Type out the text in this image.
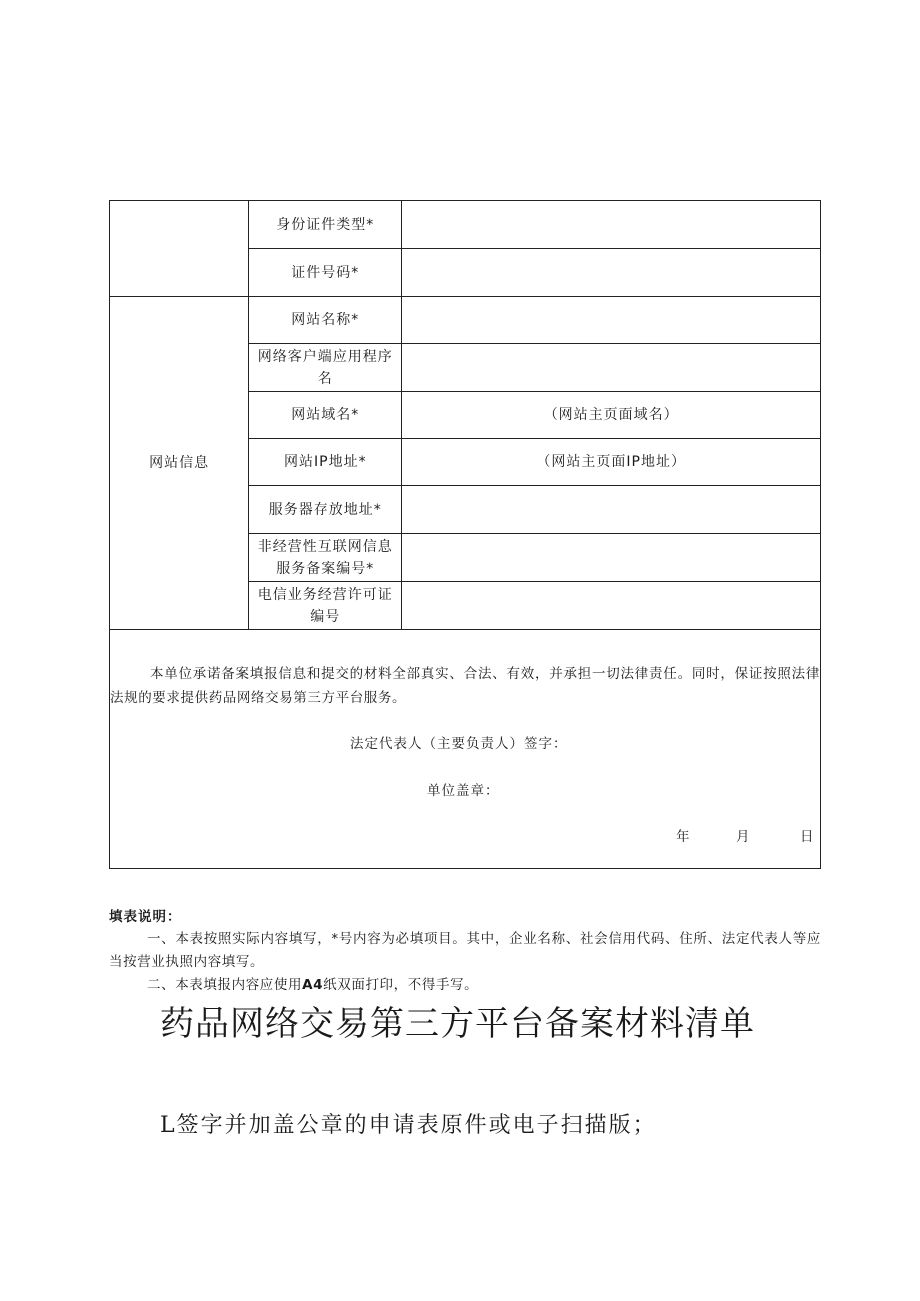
	身份证件类型*	
	证件号码*	
网站信息	网站名称*	
	网络客户端应用程序名	
	网站域名*	（网站主页面域名）
	网站IP地址*	（网站主页面IP地址）
	服务器存放地址*	
	非经营性互联网信息服务备案编号*	
	电信业务经营许可证编号	

本单位承诺备案填报信息和提交的材料全部真实、合法、有效，并承担一切法律责任。同时，保证按照法律法规的要求提供药品网络交易第三方平台服务。
法定代表人（主要负责人）签字：
单位盖章：
年 月 日		
填表说明：

一、本表按照实际内容填写，*号内容为必填项目。其中，企业名称、社会信用代码、住所、法定代表人等应当按营业执照内容填写。

二、本表填报内容应使用A4纸双面打印，不得手写。

药品网络交易第三方平台备案材料清单
L签字并加盖公章的申请表原件或电子扫描版；
